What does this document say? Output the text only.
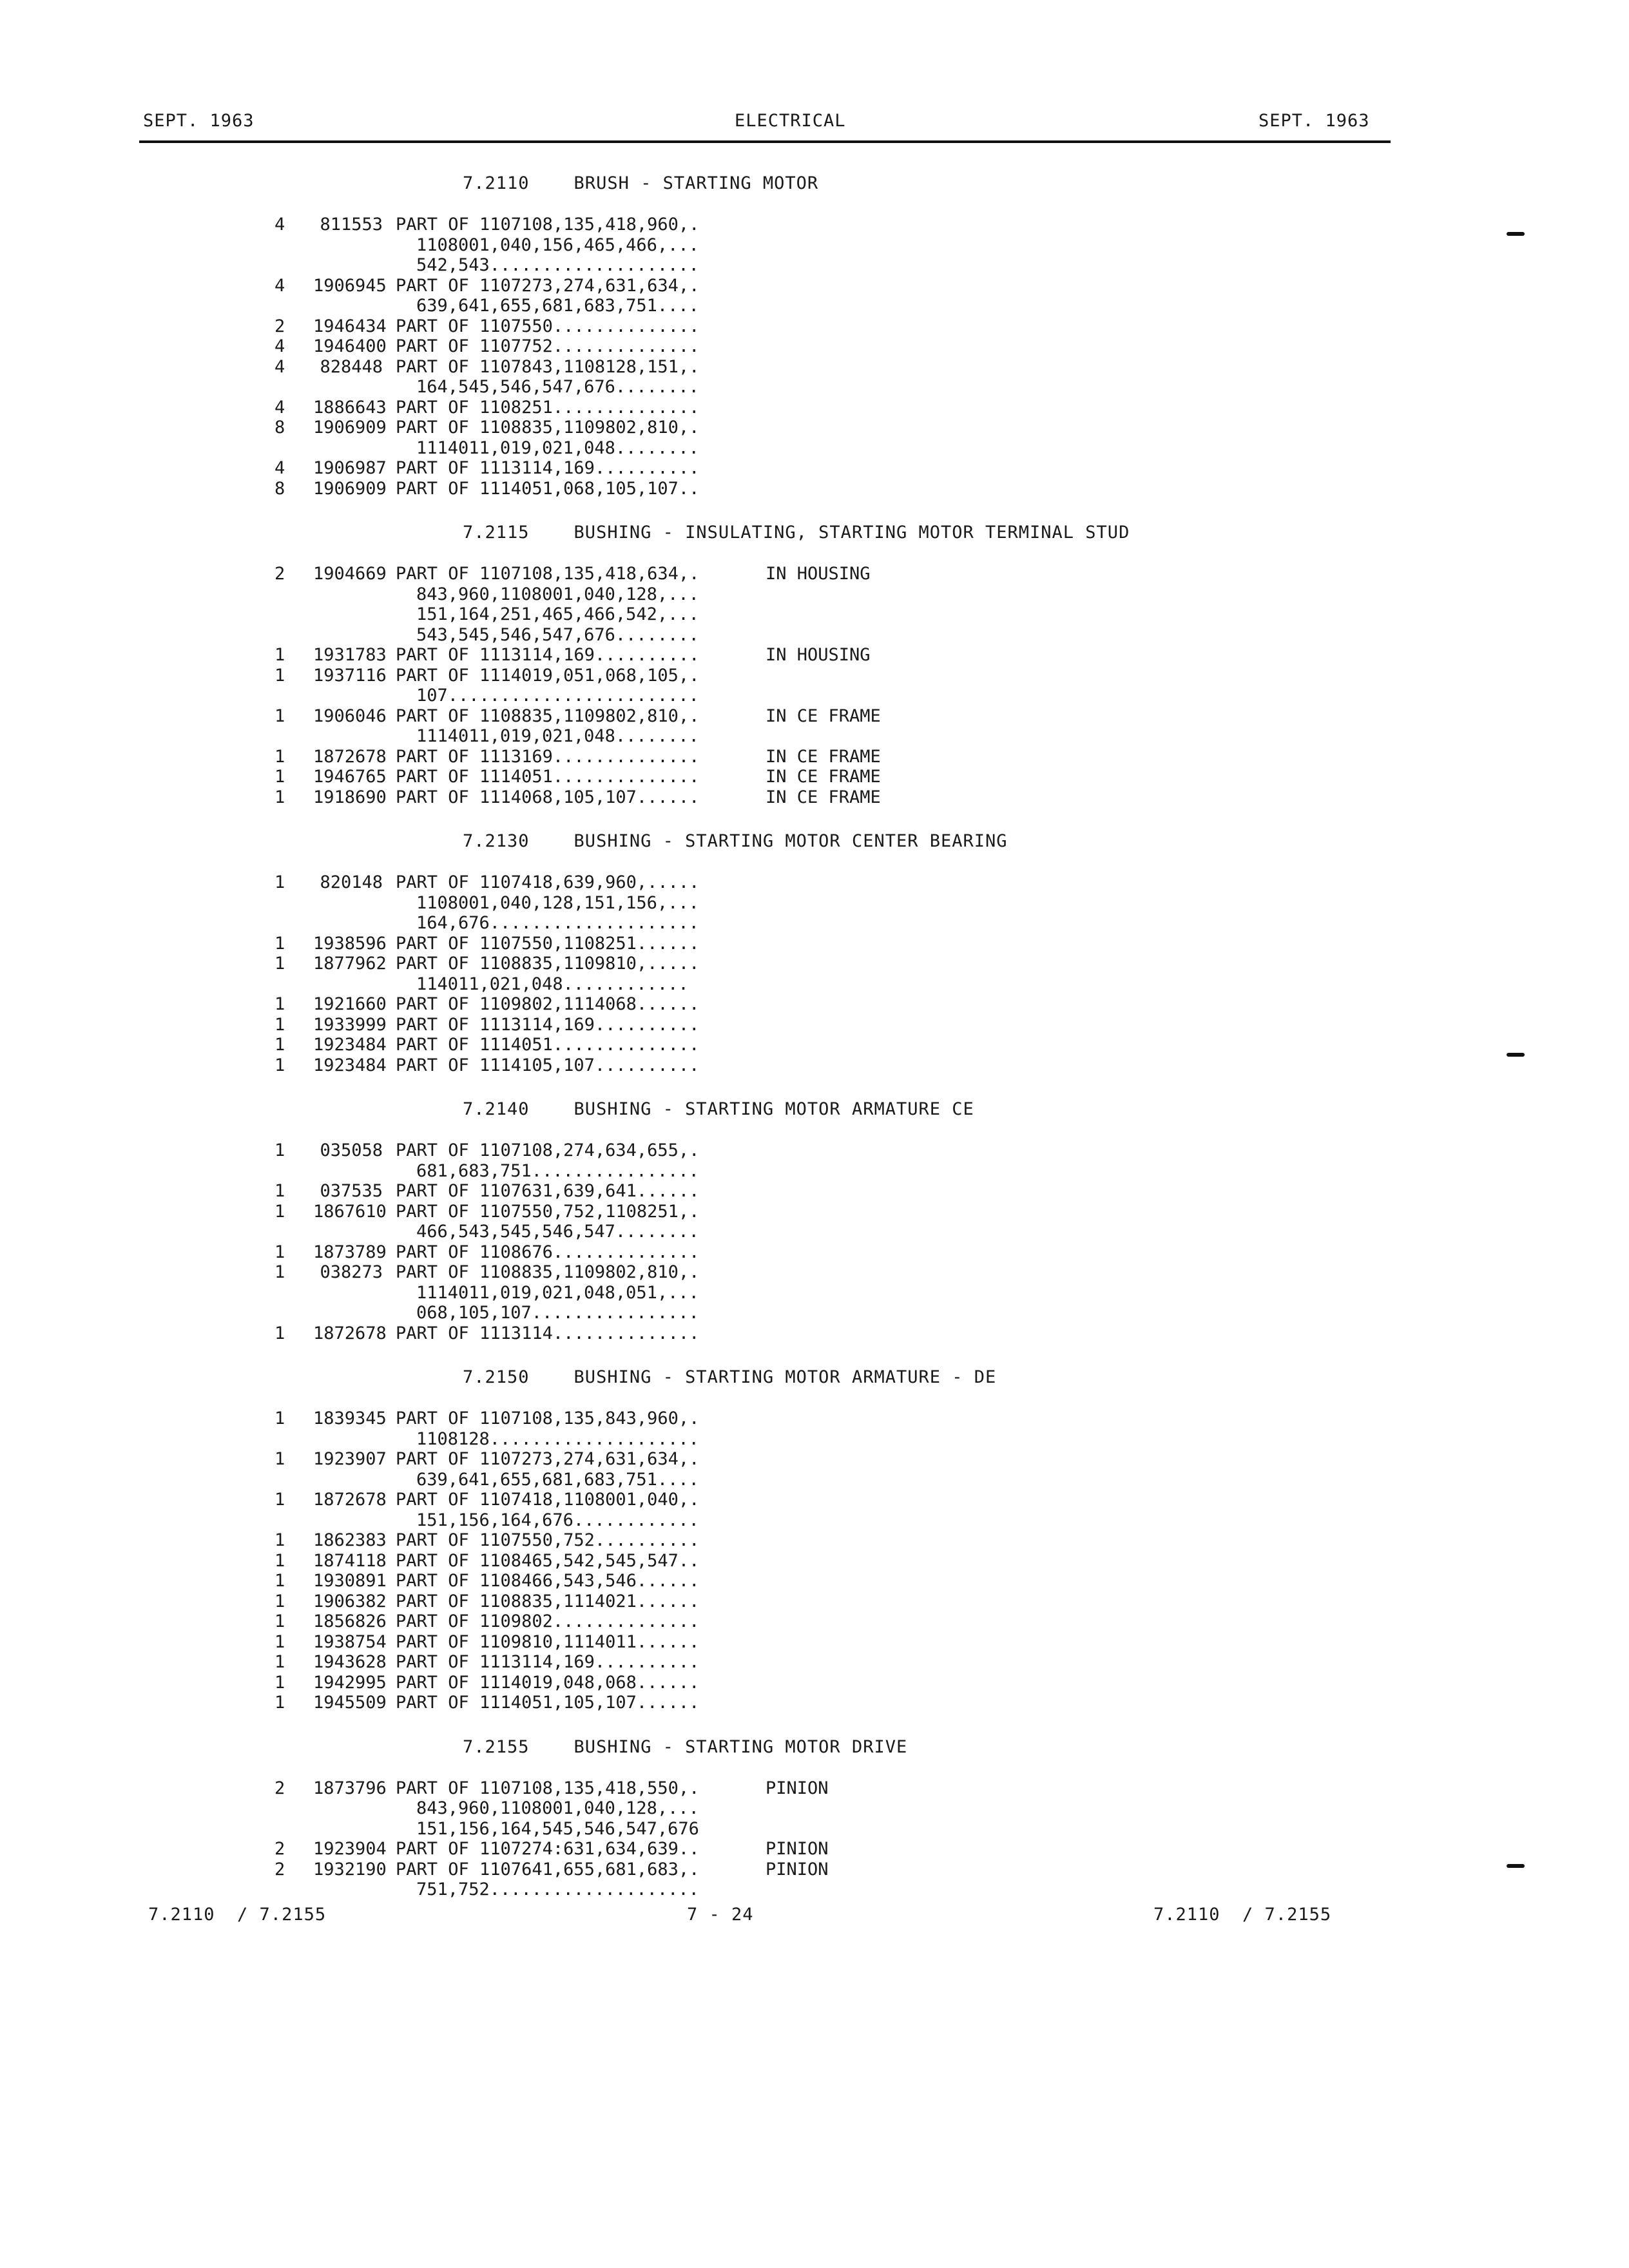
SEPT. 1963	ELECTRICAL	SEPT. 1963
7.2110    BRUSH - STARTING MOTOR
4	811553 PART OF 1107108,135,418,960,.
1108001,040,156,465,466,...
542,543....................
4 1906945 PART OF 1107273,274,631,634,.
639,641,655,681,683,751....
2 1946434 PART OF 1107550..............
4 1946400 PART OF 1107752..............
4	828448 PART OF 1107843,1108128,151,.
164,545,546,547,676........
4 1886643 PART OF 1108251..............
8 1906909 PART OF 1108835,1109802,810,.
1114011,019,021,048........
4 1906987 PART OF 1113114,169..........
8 1906909 PART OF 1114051,068,105,107..
7.2115    BUSHING - INSULATING, STARTING MOTOR TERMINAL STUD
2 1904669 PART OF 1107108,135,418,634,.	IN HOUSING
843,960,1108001,040,128,...
151,164,251,465,466,542,...
543,545,546,547,676........
1 1931783 PART OF 1113114,169..........	IN HOUSING
1 1937116 PART OF 1114019,051,068,105,.
107........................
1 1906046 PART OF 1108835,1109802,810,.	IN CE FRAME
1114011,019,021,048........
1 1872678 PART OF 1113169..............	IN CE FRAME
1 1946765 PART OF 1114051..............	IN CE FRAME
1 1918690 PART OF 1114068,105,107......	IN CE FRAME
7.2130    BUSHING - STARTING MOTOR CENTER BEARING
1	820148 PART OF 1107418,639,960,.....
1108001,040,128,151,156,...
164,676....................
1 1938596 PART OF 1107550,1108251......
1 1877962 PART OF 1108835,1109810,.....
114011,021,048............
1 1921660 PART OF 1109802,1114068......
1 1933999 PART OF 1113114,169..........
1 1923484 PART OF 1114051..............
1 1923484 PART OF 1114105,107..........
7.2140    BUSHING - STARTING MOTOR ARMATURE CE
1	035058 PART OF 1107108,274,634,655,.
681,683,751................
1	037535 PART OF 1107631,639,641......
1 1867610 PART OF 1107550,752,1108251,.
466,543,545,546,547........
1 1873789 PART OF 1108676..............
1	038273 PART OF 1108835,1109802,810,.
1114011,019,021,048,051,...
068,105,107................
1 1872678 PART OF 1113114..............
7.2150    BUSHING - STARTING MOTOR ARMATURE - DE
1 1839345 PART OF 1107108,135,843,960,.
1108128....................
1 1923907 PART OF 1107273,274,631,634,.
639,641,655,681,683,751....
1 1872678 PART OF 1107418,1108001,040,.
151,156,164,676............
1 1862383 PART OF 1107550,752..........
1 1874118 PART OF 1108465,542,545,547..
1 1930891 PART OF 1108466,543,546......
1 1906382 PART OF 1108835,1114021......
1 1856826 PART OF 1109802..............
1 1938754 PART OF 1109810,1114011......
1 1943628 PART OF 1113114,169..........
1 1942995 PART OF 1114019,048,068......
1 1945509 PART OF 1114051,105,107......
7.2155    BUSHING - STARTING MOTOR DRIVE
2 1873796 PART OF 1107108,135,418,550,.	PINION
843,960,1108001,040,128,...
151,156,164,545,546,547,676
2 1923904 PART OF 1107274:631,634,639..	PINION
2 1932190 PART OF 1107641,655,681,683,.	PINION
751,752....................
7.2110  / 7.2155	7 - 24	7.2110  / 7.2155
